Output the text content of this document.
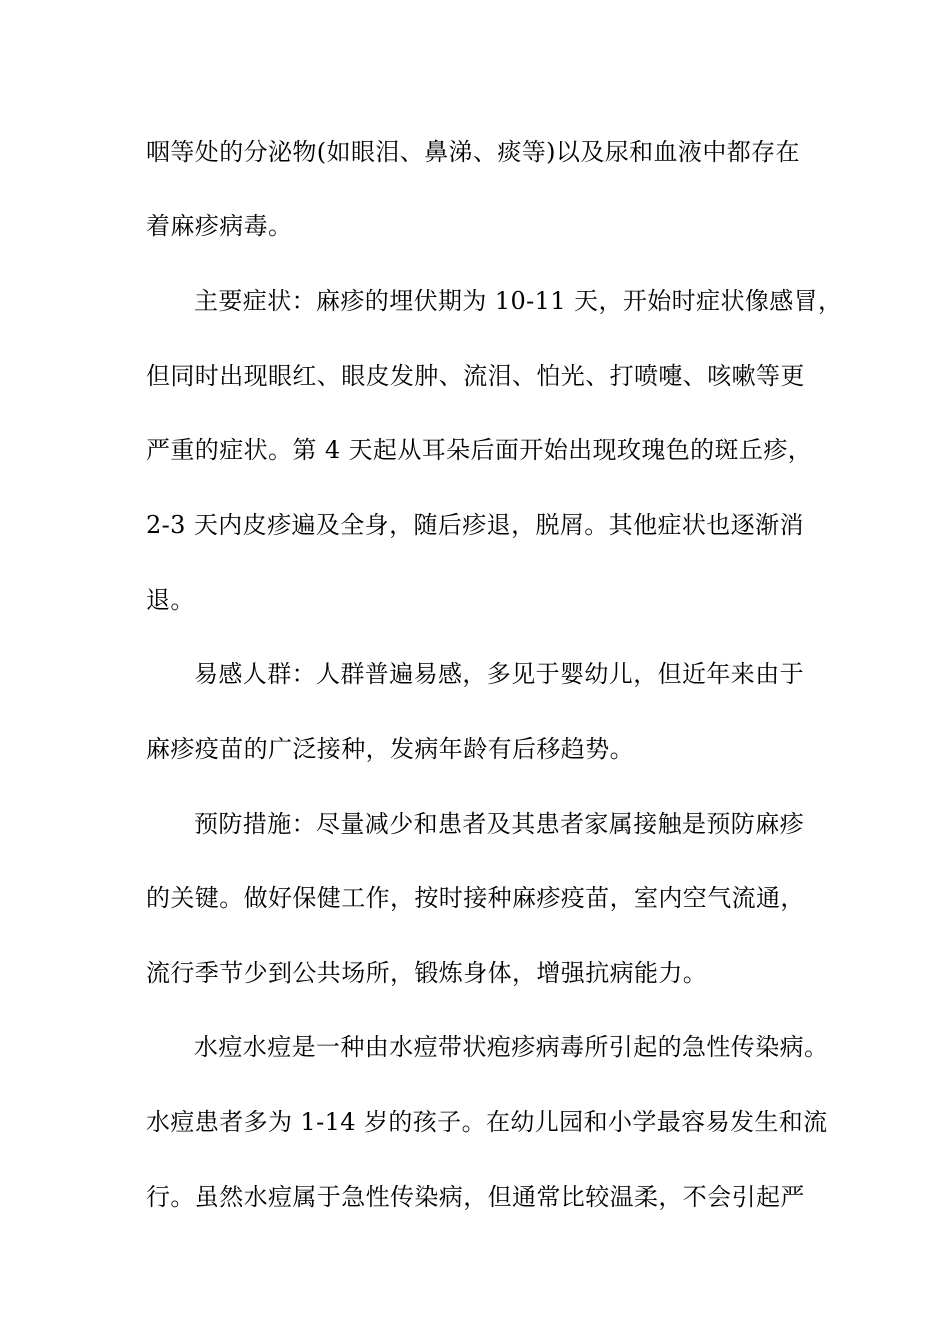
咽等处的分泌物(如眼泪、鼻涕、痰等)以及尿和血液中都存在
着麻疹病毒。
主要症状：麻疹的埋伏期为 10-11 天，开始时症状像感冒，
但同时出现眼红、眼皮发肿、流泪、怕光、打喷嚏、咳嗽等更
严重的症状。第 4 天起从耳朵后面开始出现玫瑰色的斑丘疹，
2-3 天内皮疹遍及全身，随后疹退，脱屑。其他症状也逐渐消
退。
易感人群：人群普遍易感，多见于婴幼儿，但近年来由于
麻疹疫苗的广泛接种，发病年龄有后移趋势。
预防措施：尽量减少和患者及其患者家属接触是预防麻疹
的关键。做好保健工作，按时接种麻疹疫苗，室内空气流通，
流行季节少到公共场所，锻炼身体，增强抗病能力。
水痘水痘是一种由水痘带状疱疹病毒所引起的急性传染病。
水痘患者多为 1-14 岁的孩子。在幼儿园和小学最容易发生和流
行。虽然水痘属于急性传染病，但通常比较温柔，不会引起严
